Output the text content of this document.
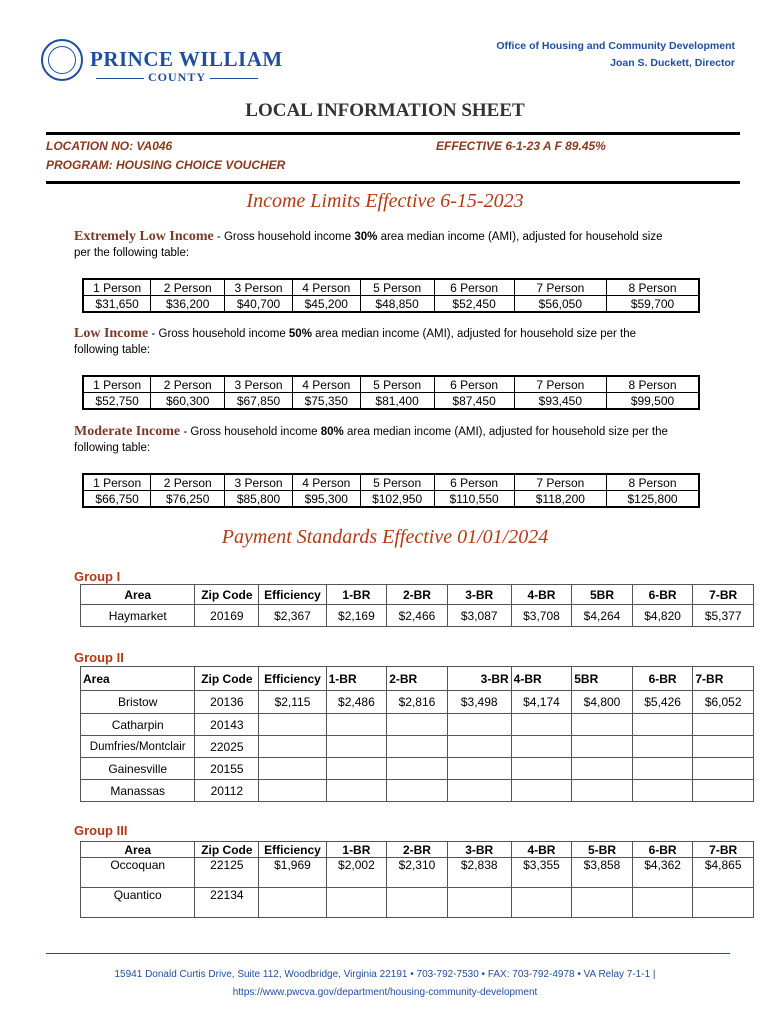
PRINCE WILLIAM
COUNTY
Office of Housing and Community Development
Joan S. Duckett, Director
LOCAL INFORMATION SHEET
LOCATION NO: VA046	EFFECTIVE 6-1-23 A F 89.45%
PROGRAM: HOUSING CHOICE VOUCHER
Income Limits Effective 6-15-2023
Extremely Low Income - Gross household income 30% area median income (AMI), adjusted for household size per the following table:
1 Person	2 Person	3 Person	4 Person	5 Person	6 Person	7 Person	8 Person
$31,650	$36,200	$40,700	$45,200	$48,850	$52,450	$56,050	$59,700
Low Income - Gross household income 50% area median income (AMI), adjusted for household size per the following table:
1 Person	2 Person	3 Person	4 Person	5 Person	6 Person	7 Person	8 Person
$52,750	$60,300	$67,850	$75,350	$81,400	$87,450	$93,450	$99,500
Moderate Income - Gross household income 80% area median income (AMI), adjusted for household size per the following table:
1 Person	2 Person	3 Person	4 Person	5 Person	6 Person	7 Person	8 Person
$66,750	$76,250	$85,800	$95,300	$102,950	$110,550	$118,200	$125,800
Payment Standards Effective 01/01/2024
Group I
Area	Zip Code	Efficiency	1-BR	2-BR	3-BR	4-BR	5BR	6-BR	7-BR
Haymarket	20169	$2,367	$2,169	$2,466	$3,087	$3,708	$4,264	$4,820	$5,377
Group II
Area	Zip Code	Efficiency	1-BR	2-BR	3-BR	4-BR	5BR	6-BR	7-BR
Bristow	20136	$2,115	$2,486	$2,816	$3,498	$4,174	$4,800	$5,426	$6,052
Catharpin	20143								
Dumfries/Montclair	22025								
Gainesville	20155								
Manassas	20112								
Group III
Area	Zip Code	Efficiency	1-BR	2-BR	3-BR	4-BR	5-BR	6-BR	7-BR
Occoquan	22125	$1,969	$2,002	$2,310	$2,838	$3,355	$3,858	$4,362	$4,865
Quantico	22134								
15941 Donald Curtis Drive, Suite 112, Woodbridge, Virginia 22191 • 703-792-7530 • FAX: 703-792-4978 • VA Relay 7-1-1 |
https://www.pwcva.gov/department/housing-community-development
